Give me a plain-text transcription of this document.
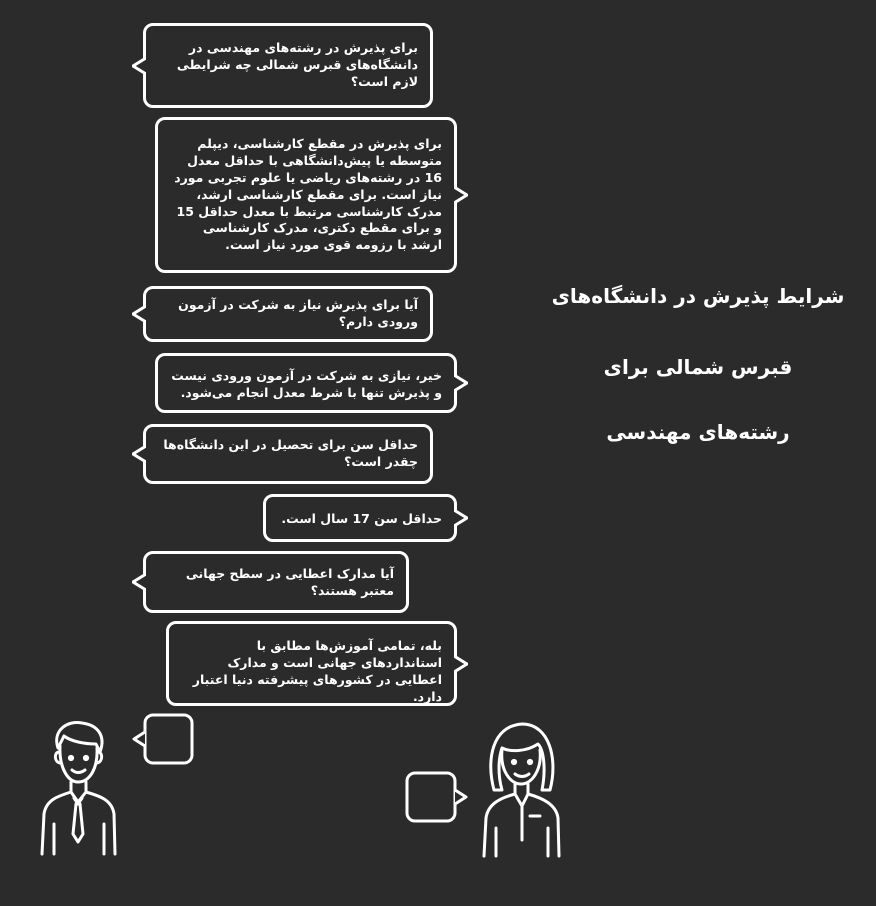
شرایط پذیرش در دانشگاه‌های
قبرس شمالی برای
رشته‌های مهندسی
برای پذیرش در رشته‌های مهندسی در دانشگاه‌های قبرس شمالی چه شرایطی لازم است؟
برای پذیرش در مقطع کارشناسی، دیپلم متوسطه یا پیش‌دانشگاهی با حداقل معدل 16 در رشته‌های ریاضی یا علوم تجربی مورد نیاز است. برای مقطع کارشناسی ارشد، مدرک کارشناسی مرتبط با معدل حداقل 15 و برای مقطع دکتری، مدرک کارشناسی ارشد با رزومه قوی مورد نیاز است.
آیا برای پذیرش نیاز به شرکت در آزمون ورودی دارم؟
خیر، نیازی به شرکت در آزمون ورودی نیست و پذیرش تنها با شرط معدل انجام می‌شود.
حداقل سن برای تحصیل در این دانشگاه‌ها چقدر است؟
حداقل سن 17 سال است.
آیا مدارک اعطایی در سطح جهانی معتبر هستند؟
بله، تمامی آموزش‌ها مطابق با استانداردهای جهانی است و مدارک اعطایی در کشورهای پیشرفته دنیا اعتبار دارد.
